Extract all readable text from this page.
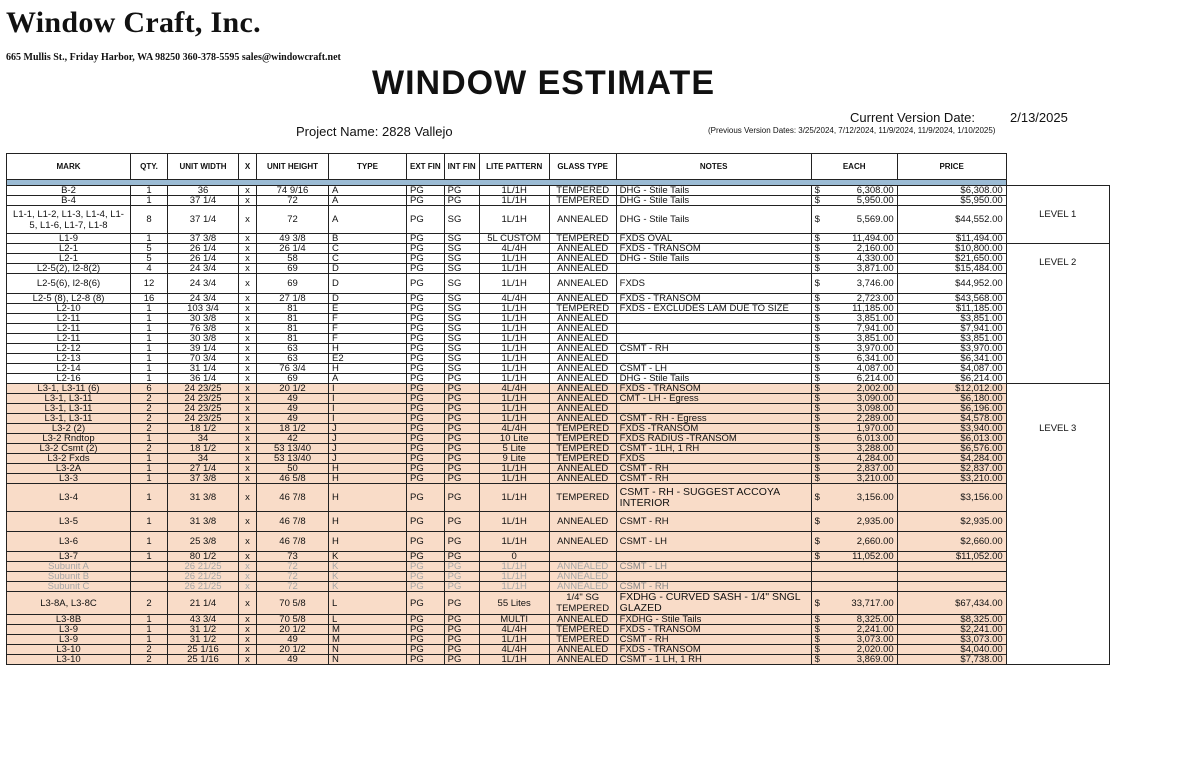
Window Craft, Inc.
665 Mullis St., Friday Harbor, WA 98250 360-378-5595 sales@windowcraft.net
WINDOW ESTIMATE
Current Version Date:	2/13/2025
Project Name: 2828 Vallejo	(Previous Version Dates: 3/25/2024, 7/12/2024, 11/9/2024, 11/9/2024, 1/10/2025)
MARK	QTY.	UNIT WIDTH	X	UNIT HEIGHT	TYPE	EXT FIN	INT FIN	LITE PATTERN	GLASS TYPE	NOTES	EACH		PRICE	

B-2	1	36	x	74 9/16	A	PG	PG	1L/1H	TEMPERED	DHG - Stile Tails	$	6,308.00	$6,308.00	LEVEL 1
B-4	1	37 1/4	x	72	A	PG	PG	1L/1H	TEMPERED	DHG - Stile Tails	$	5,950.00	$5,950.00	
L1-1, L1-2, L1-3, L1-4, L1-5, L1-6, L1-7, L1-8	8	37 1/4	x	72	A	PG	SG	1L/1H	ANNEALED	DHG - Stile Tails	$	5,569.00	$44,552.00	
L1-9	1	37 3/8	x	49 3/8	B	PG	SG	5L CUSTOM	TEMPERED	FXDS OVAL	$	11,494.00	$11,494.00	
L2-1	5	26 1/4	x	26 1/4	C	PG	SG	4L/4H	ANNEALED	FXDS - TRANSOM	$	2,160.00	$10,800.00	LEVEL 2
L2-1	5	26 1/4	x	58	C	PG	SG	1L/1H	ANNEALED	DHG - Stile Tails	$	4,330.00	$21,650.00	
L2-5(2), l2-8(2)	4	24 3/4	x	69	D	PG	SG	1L/1H	ANNEALED		$	3,871.00	$15,484.00	
L2-5(6), l2-8(6)	12	24 3/4	x	69	D	PG	SG	1L/1H	ANNEALED	FXDS	$	3,746.00	$44,952.00	
L2-5 (8), L2-8 (8)	16	24 3/4	x	27 1/8	D	PG	SG	4L/4H	ANNEALED	FXDS - TRANSOM	$	2,723.00	$43,568.00	
L2-10	1	103 3/4	x	81	E	PG	SG	1L/1H	TEMPERED	FXDS - EXCLUDES LAM DUE TO SIZE	$	11,185.00	$11,185.00	
L2-11	1	30 3/8	x	81	F	PG	SG	1L/1H	ANNEALED		$	3,851.00	$3,851.00	
L2-11	1	76 3/8	x	81	F	PG	SG	1L/1H	ANNEALED		$	7,941.00	$7,941.00	
L2-11	1	30 3/8	x	81	F	PG	SG	1L/1H	ANNEALED		$	3,851.00	$3,851.00	
L2-12	1	39 1/4	x	63	H	PG	SG	1L/1H	ANNEALED	CSMT - RH	$	3,970.00	$3,970.00	
L2-13	1	70 3/4	x	63	E2	PG	SG	1L/1H	ANNEALED		$	6,341.00	$6,341.00	
L2-14	1	31 1/4	x	76 3/4	H	PG	SG	1L/1H	ANNEALED	CSMT - LH	$	4,087.00	$4,087.00	
L2-16	1	36 1/4	x	69	A	PG	PG	1L/1H	ANNEALED	DHG - Stile Tails	$	6,214.00	$6,214.00	
L3-1, L3-11 (6)	6	24 23/25	x	20 1/2	I	PG	PG	4L/4H	ANNEALED	FXDS - TRANSOM	$	2,002.00	$12,012.00	LEVEL 3
L3-1, L3-11	2	24 23/25	x	49	I	PG	PG	1L/1H	ANNEALED	CMT - LH - Egress	$	3,090.00	$6,180.00	
L3-1, L3-11	2	24 23/25	x	49	I	PG	PG	1L/1H	ANNEALED		$	3,098.00	$6,196.00	
L3-1, L3-11	2	24 23/25	x	49	I	PG	PG	1L/1H	ANNEALED	CSMT - RH - Egress	$	2,289.00	$4,578.00	
L3-2 (2)	2	18 1/2	x	18 1/2	J	PG	PG	4L/4H	TEMPERED	FXDS -TRANSOM	$	1,970.00	$3,940.00	
L3-2 Rndtop	1	34	x	42	J	PG	PG	10 Lite	TEMPERED	FXDS RADIUS -TRANSOM	$	6,013.00	$6,013.00	
L3-2 Csmt (2)	2	18 1/2	x	53 13/40	J	PG	PG	5 Lite	TEMPERED	CSMT - 1LH, 1 RH	$	3,288.00	$6,576.00	
L3-2 Fxds	1	34	x	53 13/40	J	PG	PG	9 Lite	TEMPERED	FXDS	$	4,284.00	$4,284.00	
L3-2A	1	27 1/4	x	50	H	PG	PG	1L/1H	ANNEALED	CSMT - RH	$	2,837.00	$2,837.00	
L3-3	1	37 3/8	x	46 5/8	H	PG	PG	1L/1H	ANNEALED	CSMT - RH	$	3,210.00	$3,210.00	
L3-4	1	31 3/8	x	46 7/8	H	PG	PG	1L/1H	TEMPERED	CSMT - RH - SUGGEST ACCOYA INTERIOR	$	3,156.00	$3,156.00	
L3-5	1	31 3/8	x	46 7/8	H	PG	PG	1L/1H	ANNEALED	CSMT - RH	$	2,935.00	$2,935.00	
L3-6	1	25 3/8	x	46 7/8	H	PG	PG	1L/1H	ANNEALED	CSMT - LH	$	2,660.00	$2,660.00	
L3-7	1	80 1/2	x	73	K	PG	PG	0			$	11,052.00	$11,052.00	
Subunit A		26 21/25	x	72	K	PG	PG	1L/1H	ANNEALED	CSMT - LH				
Subunit B		26 21/25	x	72	K	PG	PG	1L/1H	ANNEALED					
Subunit C		26 21/25	x	72	K	PG	PG	1L/1H	ANNEALED	CSMT - RH				
L3-8A, L3-8C	2	21 1/4	x	70 5/8	L	PG	PG	55 Lites	1/4" SG TEMPERED	FXDHG - CURVED SASH - 1/4" SNGL GLAZED	$	33,717.00	$67,434.00	
L3-8B	1	43 3/4	x	70 5/8	L	PG	PG	MULTI	ANNEALED	FXDHG - Stile Tails	$	8,325.00	$8,325.00	
L3-9	1	31 1/2	x	20 1/2	M	PG	PG	4L/4H	TEMPERED	FXDS - TRANSOM	$	2,241.00	$2,241.00	
L3-9	1	31 1/2	x	49	M	PG	PG	1L/1H	TEMPERED	CSMT - RH	$	3,073.00	$3,073.00	
L3-10	2	25 1/16	x	20 1/2	N	PG	PG	4L/4H	ANNEALED	FXDS - TRANSOM	$	2,020.00	$4,040.00	
L3-10	2	25 1/16	x	49	N	PG	PG	1L/1H	ANNEALED	CSMT - 1 LH, 1 RH	$	3,869.00	$7,738.00	
